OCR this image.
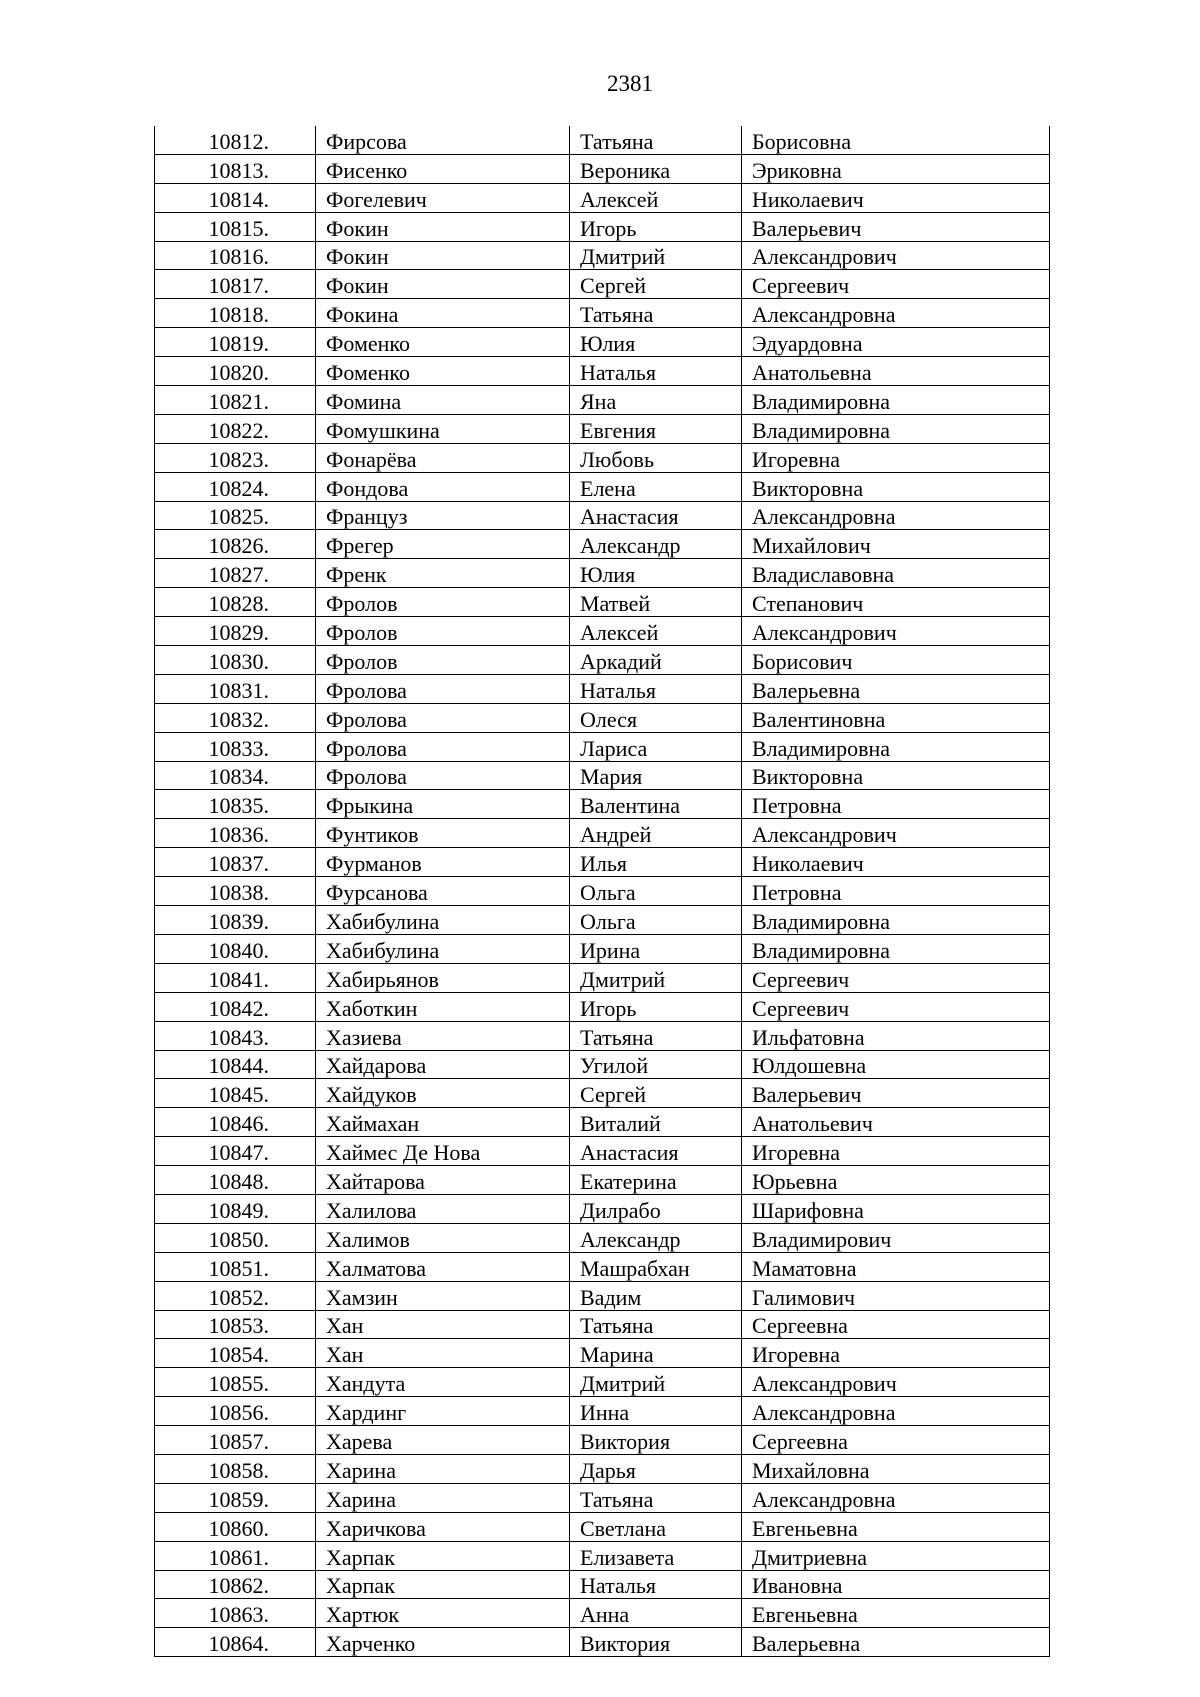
2381
10812.	Фирсова	Татьяна	Борисовна
10813.	Фисенко	Вероника	Эриковна
10814.	Фогелевич	Алексей	Николаевич
10815.	Фокин	Игорь	Валерьевич
10816.	Фокин	Дмитрий	Александрович
10817.	Фокин	Сергей	Сергеевич
10818.	Фокина	Татьяна	Александровна
10819.	Фоменко	Юлия	Эдуардовна
10820.	Фоменко	Наталья	Анатольевна
10821.	Фомина	Яна	Владимировна
10822.	Фомушкина	Евгения	Владимировна
10823.	Фонарёва	Любовь	Игоревна
10824.	Фондова	Елена	Викторовна
10825.	Француз	Анастасия	Александровна
10826.	Фрегер	Александр	Михайлович
10827.	Френк	Юлия	Владиславовна
10828.	Фролов	Матвей	Степанович
10829.	Фролов	Алексей	Александрович
10830.	Фролов	Аркадий	Борисович
10831.	Фролова	Наталья	Валерьевна
10832.	Фролова	Олеся	Валентиновна
10833.	Фролова	Лариса	Владимировна
10834.	Фролова	Мария	Викторовна
10835.	Фрыкина	Валентина	Петровна
10836.	Фунтиков	Андрей	Александрович
10837.	Фурманов	Илья	Николаевич
10838.	Фурсанова	Ольга	Петровна
10839.	Хабибулина	Ольга	Владимировна
10840.	Хабибулина	Ирина	Владимировна
10841.	Хабирьянов	Дмитрий	Сергеевич
10842.	Хаботкин	Игорь	Сергеевич
10843.	Хазиева	Татьяна	Ильфатовна
10844.	Хайдарова	Угилой	Юлдошевна
10845.	Хайдуков	Сергей	Валерьевич
10846.	Хаймахан	Виталий	Анатольевич
10847.	Хаймес Де Нова	Анастасия	Игоревна
10848.	Хайтарова	Екатерина	Юрьевна
10849.	Халилова	Дилрабо	Шарифовна
10850.	Халимов	Александр	Владимирович
10851.	Халматова	Машрабхан	Маматовна
10852.	Хамзин	Вадим	Галимович
10853.	Хан	Татьяна	Сергеевна
10854.	Хан	Марина	Игоревна
10855.	Хандута	Дмитрий	Александрович
10856.	Хардинг	Инна	Александровна
10857.	Харева	Виктория	Сергеевна
10858.	Харина	Дарья	Михайловна
10859.	Харина	Татьяна	Александровна
10860.	Харичкова	Светлана	Евгеньевна
10861.	Харпак	Елизавета	Дмитриевна
10862.	Харпак	Наталья	Ивановна
10863.	Хартюк	Анна	Евгеньевна
10864.	Харченко	Виктория	Валерьевна
